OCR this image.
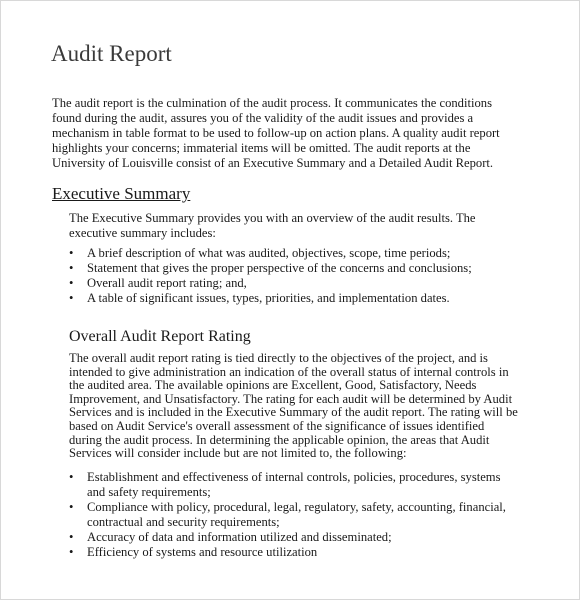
Audit Report

The audit report is the culmination of the audit process. It communicates the conditions found during the audit, assures you of the validity of the audit issues and provides a mechanism in table format to be used to follow-up on action plans. A quality audit report highlights your concerns; immaterial items will be omitted. The audit reports at the University of Louisville consist of an Executive Summary and a Detailed Audit Report.

Executive Summary

The Executive Summary provides you with an overview of the audit results. The executive summary includes:

• A brief description of what was audited, objectives, scope, time periods;
• Statement that gives the proper perspective of the concerns and conclusions;
• Overall audit report rating; and,
• A table of significant issues, types, priorities, and implementation dates.
Overall Audit Report Rating

The overall audit report rating is tied directly to the objectives of the project, and is intended to give administration an indication of the overall status of internal controls in the audited area. The available opinions are Excellent, Good, Satisfactory, Needs Improvement, and Unsatisfactory. The rating for each audit will be determined by Audit Services and is included in the Executive Summary of the audit report. The rating will be based on Audit Service's overall assessment of the significance of issues identified during the audit process. In determining the applicable opinion, the areas that Audit Services will consider include but are not limited to, the following:

• Establishment and effectiveness of internal controls, policies, procedures, systems and safety requirements;
• Compliance with policy, procedural, legal, regulatory, safety, accounting, financial, contractual and security requirements;
• Accuracy of data and information utilized and disseminated;
• Efficiency of systems and resource utilization
